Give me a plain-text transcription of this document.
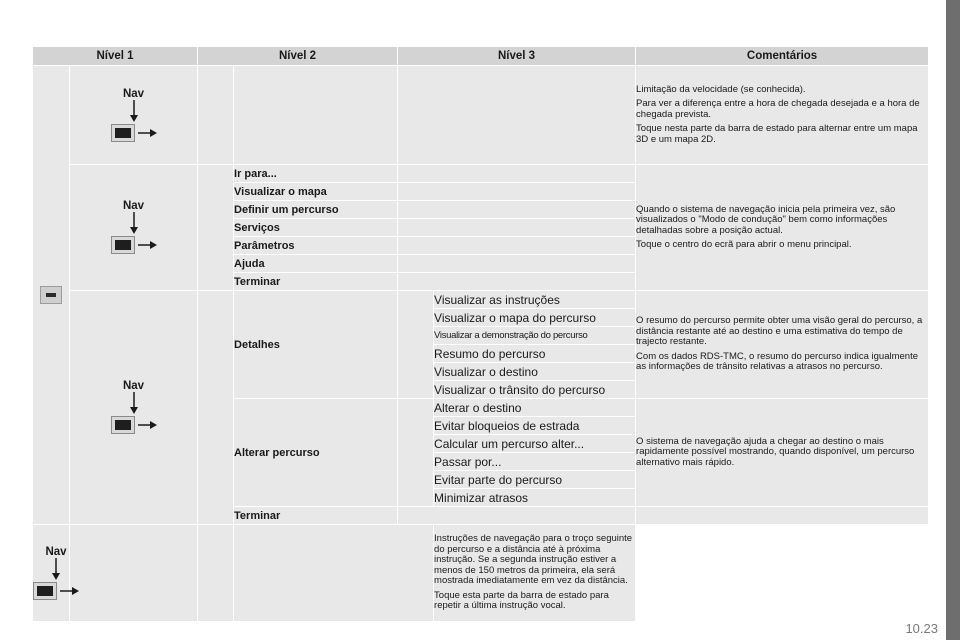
Nível 1		Nível 2		Nível 3		Comentários

	Nav					Limitação da velocidade (se conhecida).

Para ver a diferença entre a hora de chegada desejada e a hora de chegada prevista.

Toque nesta parte da barra de estado para alternar entre um mapa 3D e um mapa 2D.

	Nav		Ir para...			Quando o sistema de navegação inicia pela primeira vez, são visualizados o "Modo de condução" bem como informações detalhadas sobre a posição actual.

Toque o centro do ecrã para abrir o menu principal.

			Visualizar o mapa			
			Definir um percurso			
			Serviços			
			Parâmetros			
			Ajuda			
			Terminar			

	Nav		Detalhes		Visualizar as instruções	O resumo do percurso permite obter uma visão geral do percurso, a distância restante até ao destino e uma estimativa do tempo de trajecto restante.

Com os dados RDS-TMC, o resumo do percurso indica igualmente as informações de trânsito relativas a atrasos no percurso.

					Visualizar o mapa do percurso	
					Visualizar a demonstração do percurso	
					Resumo do percurso	
					Visualizar o destino	
					Visualizar o trânsito do percurso	
			Alterar percurso		Alterar o destino	O sistema de navegação ajuda a chegar ao destino o mais rapidamente possível mostrando, quando disponível, um percurso alternativo mais rápido.

					Evitar bloqueios de estrada	
					Calcular um percurso alter...	
					Passar por...	
					Evitar parte do percurso	
					Minimizar atrasos	
			Terminar			

Nav					Instruções de navegação para o troço seguinte do percurso e a distância até à próxima instrução. Se a segunda instrução estiver a menos de 150 metros da primeira, ela será mostrada imediatamente em vez da distância.

Toque esta parte da barra de estado para repetir a última instrução vocal.	

10.23
